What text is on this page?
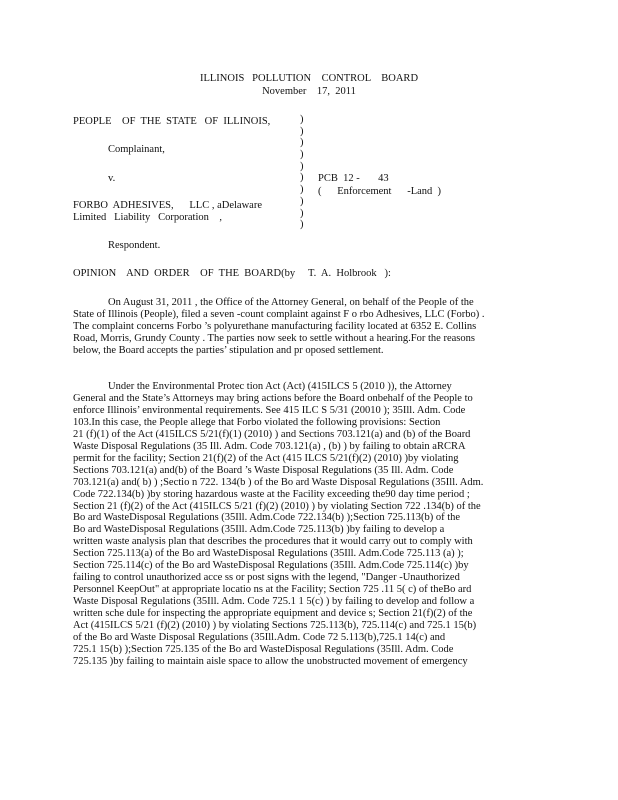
ILLINOIS   POLLUTION    CONTROL    BOARD
November    17,  2011
PEOPLE    OF  THE  STATE   OF  ILLINOIS,
Complainant,
v.	PCB  12 -       43
(      Enforcement      -Land  )
FORBO  ADHESIVES,      LLC , aDelaware
Limited   Liability   Corporation    ,
Respondent.
)
)
)
)
)
)
)
)
)
)
OPINION    AND  ORDER    OF  THE  BOARD(by     T.  A.  Holbrook   ):
On August 31, 2011 , the Office of the Attorney General, on behalf of the People of the
State of Illinois (People), filed a seven -count complaint against F o rbo Adhesives, LLC (Forbo) .
The complaint concerns Forbo ’s polyurethane manufacturing facility located at 6352 E. Collins
Road, Morris, Grundy County . The parties now seek to settle without a hearing.For the reasons
below, the Board accepts the parties’ stipulation and pr oposed settlement.
Under the Environmental Protec tion Act (Act) (415ILCS 5 (2010 )), the Attorney
General and the State’s Attorneys may bring actions before the Board onbehalf of the People to
enforce Illinois’ environmental requirements. See 415 ILC S 5/31 (20010 ); 35Ill. Adm. Code
103.In this case, the People allege that Forbo violated the following provisions: Section
21 (f)(1) of the Act (415ILCS 5/21(f)(1) (2010) ) and Sections 703.121(a) and (b) of the Board
Waste Disposal Regulations (35 Ill. Adm. Code 703.121(a) , (b) ) by failing to obtain aRCRA
permit for the facility; Section 21(f)(2) of the Act (415 ILCS 5/21(f)(2) (2010) )by violating
Sections 703.121(a) and(b) of the Board ’s Waste Disposal Regulations (35 Ill. Adm. Code
703.121(a) and( b) ) ;Sectio n 722. 134(b ) of the Bo ard Waste Disposal Regulations (35Ill. Adm.
Code 722.134(b) )by storing hazardous waste at the Facility exceeding the90 day time period ;
Section 21 (f)(2) of the Act (415ILCS 5/21 (f)(2) (2010) ) by violating Section 722 .134(b) of the
Bo ard WasteDisposal Regulations (35Ill. Adm.Code 722.134(b) );Section 725.113(b) of the
Bo ard WasteDisposal Regulations (35Ill. Adm.Code 725.113(b) )by failing to develop a
written waste analysis plan that describes the procedures that it would carry out to comply with
Section 725.113(a) of the Bo ard WasteDisposal Regulations (35Ill. Adm.Code 725.113 (a) );
Section 725.114(c) of the Bo ard WasteDisposal Regulations (35Ill. Adm.Code 725.114(c) )by
failing to control unauthorized acce ss or post signs with the legend, "Danger -Unauthorized
Personnel KeepOut" at appropriate locatio ns at the Facility; Section 725 .11 5( c) of theBo ard
Waste Disposal Regulations (35Ill. Adm. Code 725.1 1 5(c) ) by failing to develop and follow a
written sche dule for inspecting the appropriate equipment and device s; Section 21(f)(2) of the
Act (415ILCS 5/21 (f)(2) (2010) ) by violating Sections 725.113(b), 725.114(c) and 725.1 15(b)
of the Bo ard Waste Disposal Regulations (35Ill.Adm. Code 72 5.113(b),725.1 14(c) and
725.1 15(b) );Section 725.135 of the Bo ard WasteDisposal Regulations (35Ill. Adm. Code
725.135 )by failing to maintain aisle space to allow the unobstructed movement of emergency
